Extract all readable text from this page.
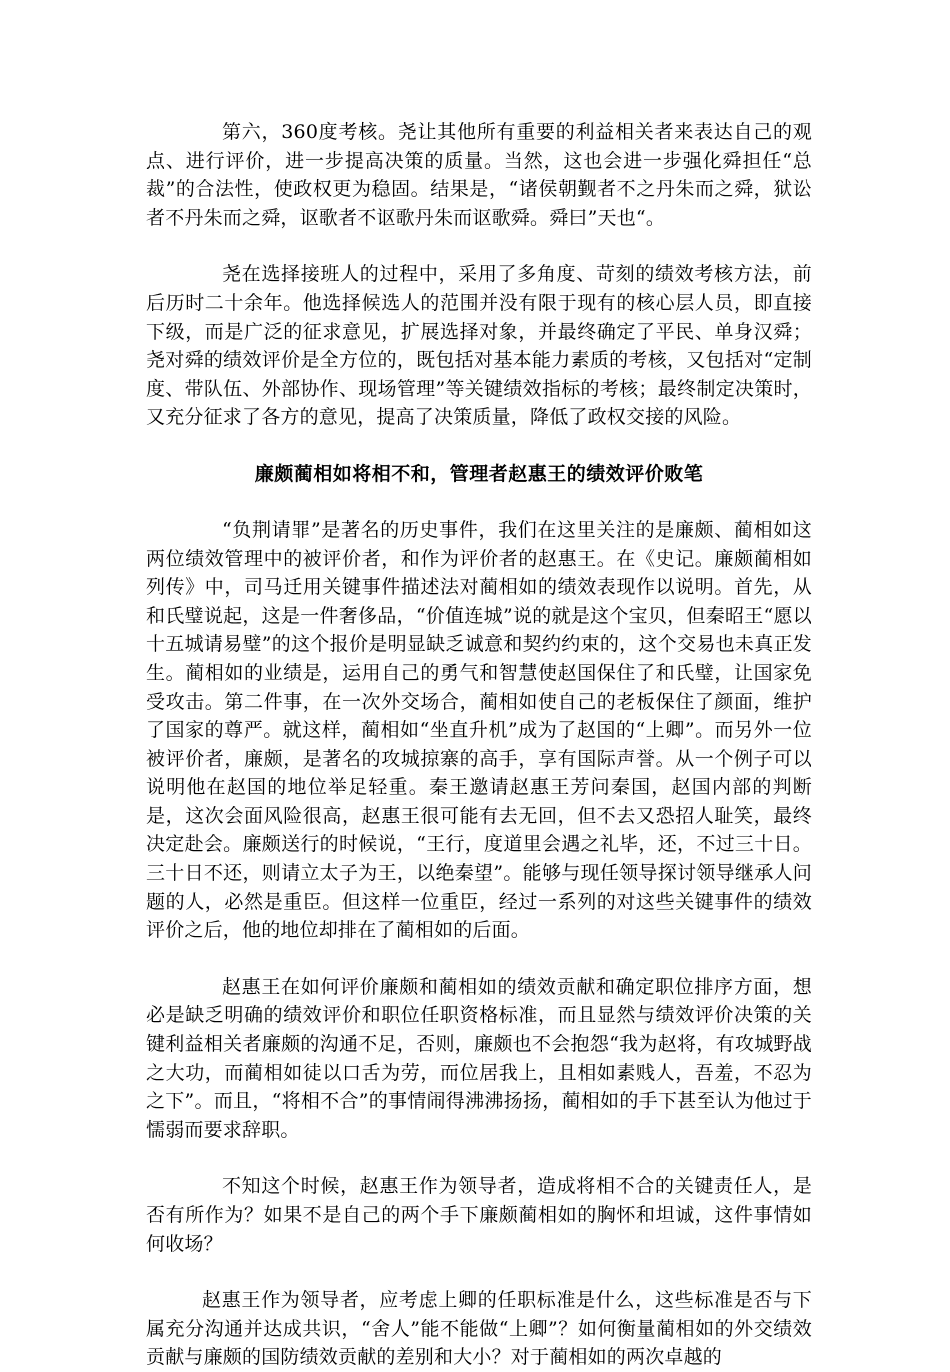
第六，360度考核。尧让其他所有重要的利益相关者来表达自己的观点、进行评价，进一步提高决策的质量。当然，这也会进一步强化舜担任“总裁”的合法性，使政权更为稳固。结果是，“诸侯朝觐者不之丹朱而之舜，狱讼者不丹朱而之舜，讴歌者不讴歌丹朱而讴歌舜。舜曰”天也“。

尧在选择接班人的过程中，采用了多角度、苛刻的绩效考核方法，前后历时二十余年。他选择候选人的范围并没有限于现有的核心层人员，即直接下级，而是广泛的征求意见，扩展选择对象，并最终确定了平民、单身汉舜；尧对舜的绩效评价是全方位的，既包括对基本能力素质的考核，又包括对“定制度、带队伍、外部协作、现场管理”等关键绩效指标的考核；最终制定决策时，又充分征求了各方的意见，提高了决策质量，降低了政权交接的风险。

廉颇蔺相如将相不和，管理者赵惠王的绩效评价败笔

“负荆请罪”是著名的历史事件，我们在这里关注的是廉颇、蔺相如这两位绩效管理中的被评价者，和作为评价者的赵惠王。在《史记。廉颇蔺相如列传》中，司马迁用关键事件描述法对蔺相如的绩效表现作以说明。首先，从和氏璧说起，这是一件奢侈品，“价值连城”说的就是这个宝贝，但秦昭王“愿以十五城请易璧”的这个报价是明显缺乏诚意和契约约束的，这个交易也未真正发生。蔺相如的业绩是，运用自己的勇气和智慧使赵国保住了和氏璧，让国家免受攻击。第二件事，在一次外交场合，蔺相如使自己的老板保住了颜面，维护了国家的尊严。就这样，蔺相如“坐直升机”成为了赵国的“上卿”。而另外一位被评价者，廉颇，是著名的攻城掠寨的高手，享有国际声誉。从一个例子可以说明他在赵国的地位举足轻重。秦王邀请赵惠王芳问秦国，赵国内部的判断是，这次会面风险很高，赵惠王很可能有去无回，但不去又恐招人耻笑，最终决定赴会。廉颇送行的时候说，“王行，度道里会遇之礼毕，还，不过三十日。三十日不还，则请立太子为王，以绝秦望”。能够与现任领导探讨领导继承人问题的人，必然是重臣。但这样一位重臣，经过一系列的对这些关键事件的绩效评价之后，他的地位却排在了蔺相如的后面。

赵惠王在如何评价廉颇和蔺相如的绩效贡献和确定职位排序方面，想必是缺乏明确的绩效评价和职位任职资格标准，而且显然与绩效评价决策的关键利益相关者廉颇的沟通不足，否则，廉颇也不会抱怨“我为赵将，有攻城野战之大功，而蔺相如徒以口舌为劳，而位居我上，且相如素贱人，吾羞，不忍为之下”。而且，“将相不合”的事情闹得沸沸扬扬，蔺相如的手下甚至认为他过于懦弱而要求辞职。

不知这个时候，赵惠王作为领导者，造成将相不合的关键责任人，是否有所作为？如果不是自己的两个手下廉颇蔺相如的胸怀和坦诚，这件事情如何收场？

赵惠王作为领导者，应考虑上卿的任职标准是什么，这些标准是否与下属充分沟通并达成共识，“舍人”能不能做“上卿”？如何衡量蔺相如的外交绩效贡献与廉颇的国防绩效贡献的差别和大小？对于蔺相如的两次卓越的
